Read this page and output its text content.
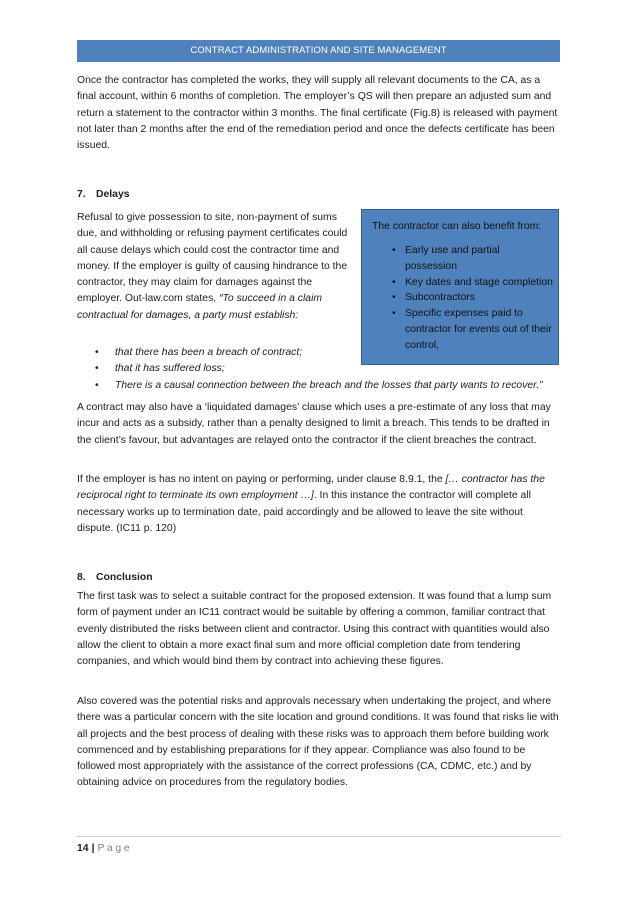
CONTRACT ADMINISTRATION AND SITE MANAGEMENT

Once the contractor has completed the works, they will supply all relevant documents to the CA, as a final account, within 6 months of completion. The employer’s QS will then prepare an adjusted sum and return a statement to the contractor within 3 months. The final certificate (Fig.8) is released with payment not later than 2 months after the end of the remediation period and once the defects certificate has been issued.

7. Delays

Refusal to give possession to site, non-payment of sums due, and withholding or refusing payment certificates could all cause delays which could cost the contractor time and money. If the employer is guilty of causing hindrance to the contractor, they may claim for damages against the employer. Out-law.com states, “To succeed in a claim contractual for damages, a party must establish:

The contractor can also benefit from:
• Early use and partial possession
• Key dates and stage completion
• Subcontractors
• Specific expenses paid to contractor for events out of their control,
• that there has been a breach of contract;
• that it has suffered loss;
• There is a causal connection between the breach and the losses that party wants to recover.”

A contract may also have a ‘liquidated damages’ clause which uses a pre-estimate of any loss that may incur and acts as a subsidy, rather than a penalty designed to limit a breach. This tends to be drafted in the client’s favour, but advantages are relayed onto the contractor if the client breaches the contract.

If the employer is has no intent on paying or performing, under clause 8.9.1, the [… contractor has the reciprocal right to terminate its own employment …]. In this instance the contractor will complete all necessary works up to termination date, paid accordingly and be allowed to leave the site without dispute. (IC11 p. 120)

8. Conclusion

The first task was to select a suitable contract for the proposed extension. It was found that a lump sum form of payment under an IC11 contract would be suitable by offering a common, familiar contract that evenly distributed the risks between client and contractor. Using this contract with quantities would also allow the client to obtain a more exact final sum and more official completion date from tendering companies, and which would bind them by contract into achieving these figures.

Also covered was the potential risks and approvals necessary when undertaking the project, and where there was a particular concern with the site location and ground conditions. It was found that risks lie with all projects and the best process of dealing with these risks was to approach them before building work commenced and by establishing preparations for if they appear. Compliance was also found to be followed most appropriately with the assistance of the correct professions (CA, CDMC, etc.) and by obtaining advice on procedures from the regulatory bodies.

14 | Page
